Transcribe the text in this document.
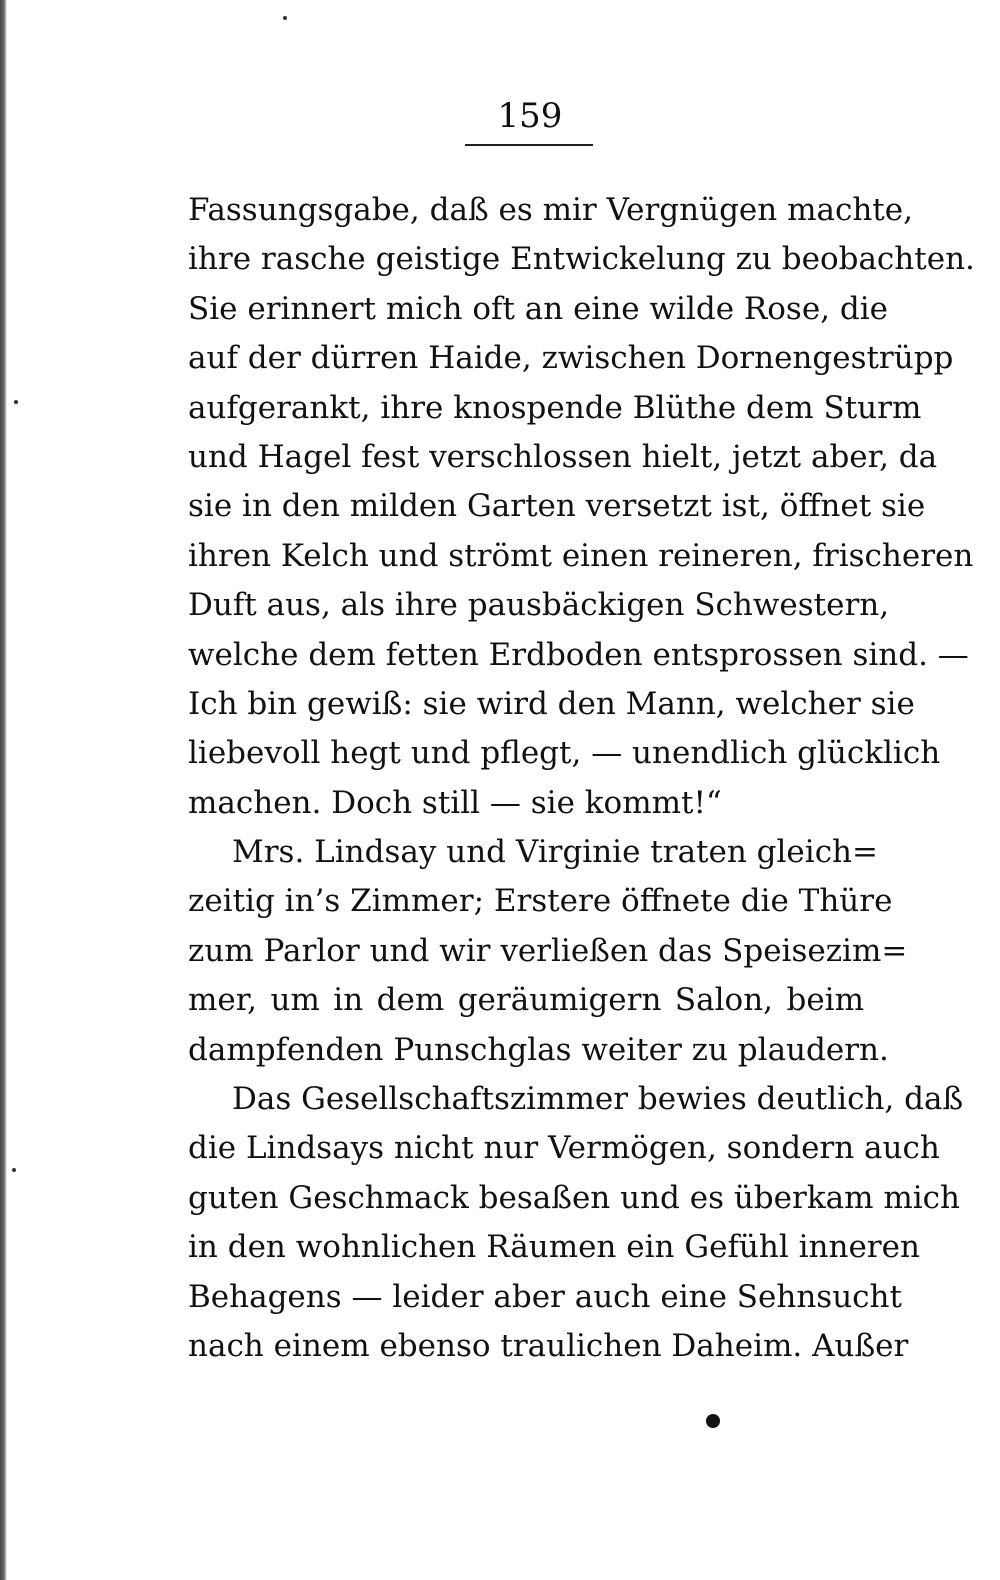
159
Fassungsgabe, daß es mir Vergnügen machte,
ihre rasche geistige Entwickelung zu beobachten.
Sie erinnert mich oft an eine wilde Rose, die
auf der dürren Haide, zwischen Dornengestrüpp
aufgerankt, ihre knospende Blüthe dem Sturm
und Hagel fest verschlossen hielt, jetzt aber, da
sie in den milden Garten versetzt ist, öffnet sie
ihren Kelch und strömt einen reineren, frischeren
Duft aus, als ihre pausbäckigen Schwestern,
welche dem fetten Erdboden entsprossen sind. —
Ich bin gewiß: sie wird den Mann, welcher sie
liebevoll hegt und pflegt, — unendlich glücklich
machen. Doch still — sie kommt!“
Mrs. Lindsay und Virginie traten gleich=
zeitig in’s Zimmer; Erstere öffnete die Thüre
zum Parlor und wir verließen das Speisezim=
mer, um in dem geräumigern Salon, beim
dampfenden Punschglas weiter zu plaudern.
Das Gesellschaftszimmer bewies deutlich, daß
die Lindsays nicht nur Vermögen, sondern auch
guten Geschmack besaßen und es überkam mich
in den wohnlichen Räumen ein Gefühl inneren
Behagens — leider aber auch eine Sehnsucht
nach einem ebenso traulichen Daheim. Außer
